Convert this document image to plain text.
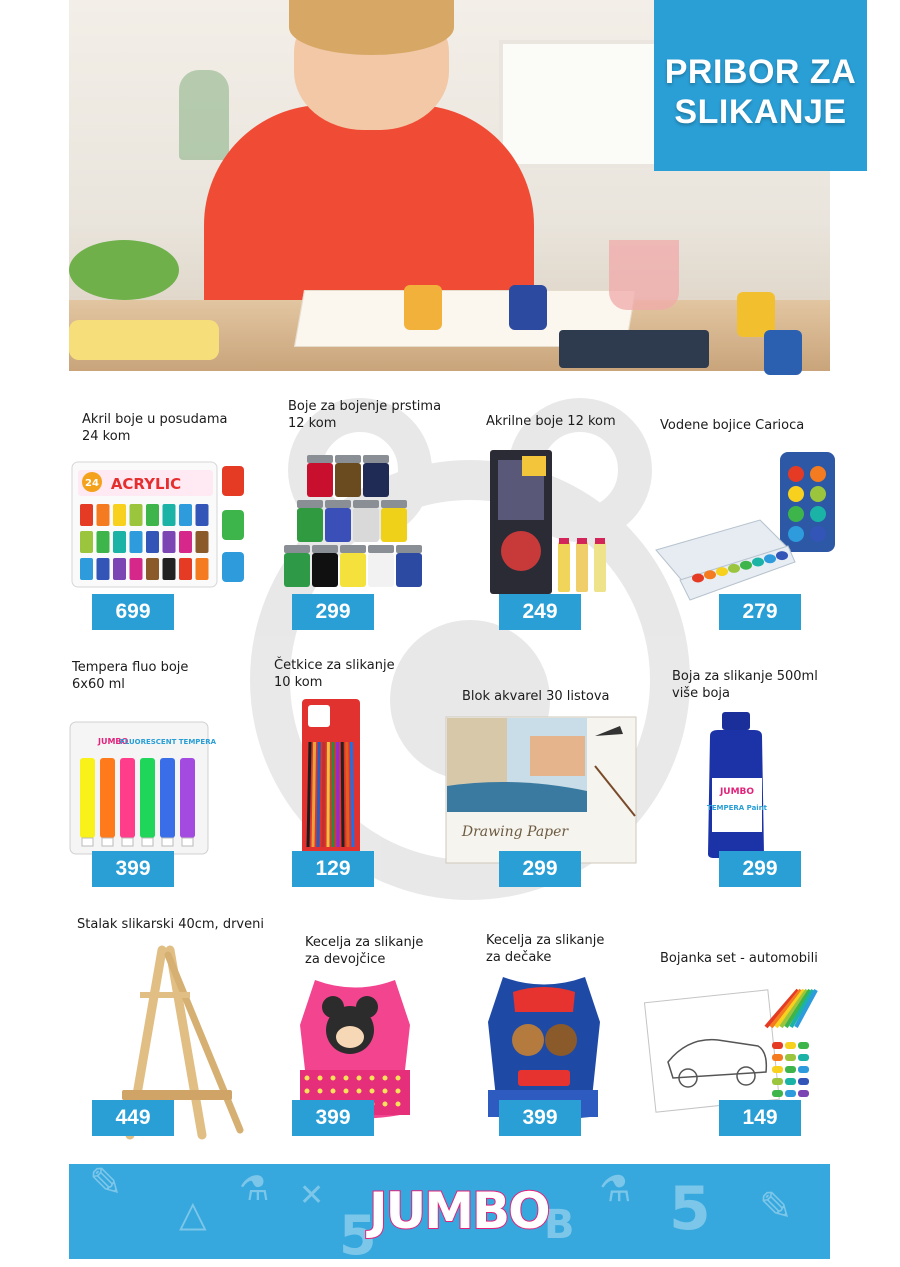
PRIBOR ZA
SLIKANJE
Akril boje u posudama
24 kom
24 ACRYLIC
699
Boje za bojenje prstima
12 kom
299
Akrilne boje 12 kom
249
Vodene bojice Carioca
279
Tempera fluo boje
6x60 ml
JUMBO
FLUORESCENT TEMPERA
399
Četkice za slikanje
10 kom
129
Blok akvarel 30 listova
Drawing Paper
299
Boja za slikanje 500ml
više boja
JUMBO
TEMPERA Paint
299
Stalak slikarski 40cm, drveni
449
Kecelja za slikanje
za devojčice
399
Kecelja za slikanje
za dečake
399
Bojanka set - automobili
149
✎
△
⚗ ✕
5	B
⚗ 5 ✎
JUMBO
